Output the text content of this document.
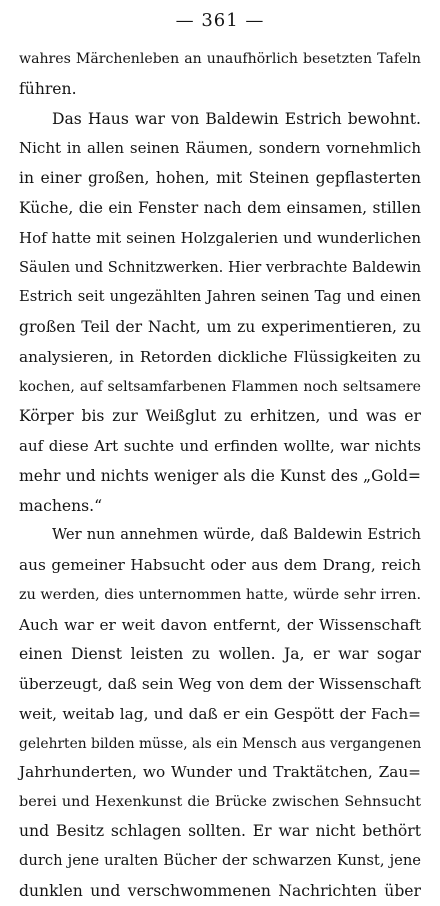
— 361 —
wahres Märchenleben an unaufhörlich besetzten Tafeln
führen.
Das Haus war von Baldewin Estrich bewohnt.
Nicht in allen seinen Räumen, sondern vornehmlich
in einer großen, hohen, mit Steinen gepflasterten
Küche, die ein Fenster nach dem einsamen, stillen
Hof hatte mit seinen Holzgalerien und wunderlichen
Säulen und Schnitzwerken. Hier verbrachte Baldewin
Estrich seit ungezählten Jahren seinen Tag und einen
großen Teil der Nacht, um zu experimentieren, zu
analysieren, in Retorden dickliche Flüssigkeiten zu
kochen, auf seltsamfarbenen Flammen noch seltsamere
Körper bis zur Weißglut zu erhitzen, und was er
auf diese Art suchte und erfinden wollte, war nichts
mehr und nichts weniger als die Kunst des „Gold=
machens.“
Wer nun annehmen würde, daß Baldewin Estrich
aus gemeiner Habsucht oder aus dem Drang, reich
zu werden, dies unternommen hatte, würde sehr irren.
Auch war er weit davon entfernt, der Wissenschaft
einen Dienst leisten zu wollen. Ja, er war sogar
überzeugt, daß sein Weg von dem der Wissenschaft
weit, weitab lag, und daß er ein Gespött der Fach=
gelehrten bilden müsse, als ein Mensch aus vergangenen
Jahrhunderten, wo Wunder und Traktätchen, Zau=
berei und Hexenkunst die Brücke zwischen Sehnsucht
und Besitz schlagen sollten. Er war nicht bethört
durch jene uralten Bücher der schwarzen Kunst, jene
dunklen und verschwommenen Nachrichten über
